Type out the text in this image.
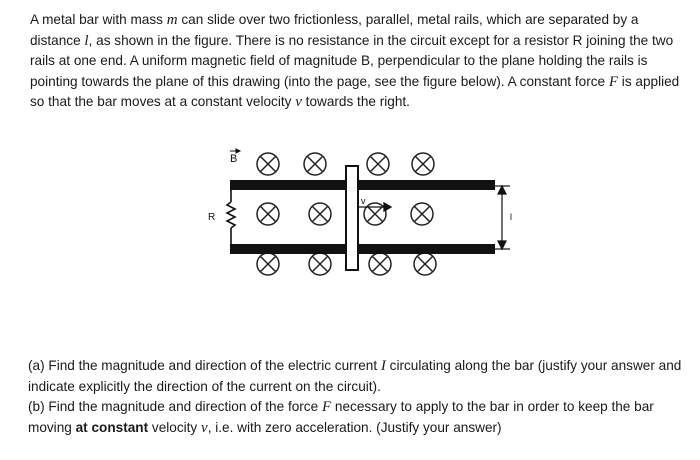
A metal bar with mass m can slide over two frictionless, parallel, metal rails, which are separated by a distance l, as shown in the figure. There is no resistance in the circuit except for a resistor R joining the two rails at one end. A uniform magnetic field of magnitude B, perpendicular to the plane holding the rails is pointing towards the plane of this drawing (into the page, see the figure below). A constant force F is applied so that the bar moves at a constant velocity v towards the right.

B
R
v
l

(a) Find the magnitude and direction of the electric current I circulating along the bar (justify your answer and indicate explicitly the direction of the current on the circuit).

(b) Find the magnitude and direction of the force F necessary to apply to the bar in order to keep the bar moving at constant velocity v, i.e. with zero acceleration. (Justify your answer)
